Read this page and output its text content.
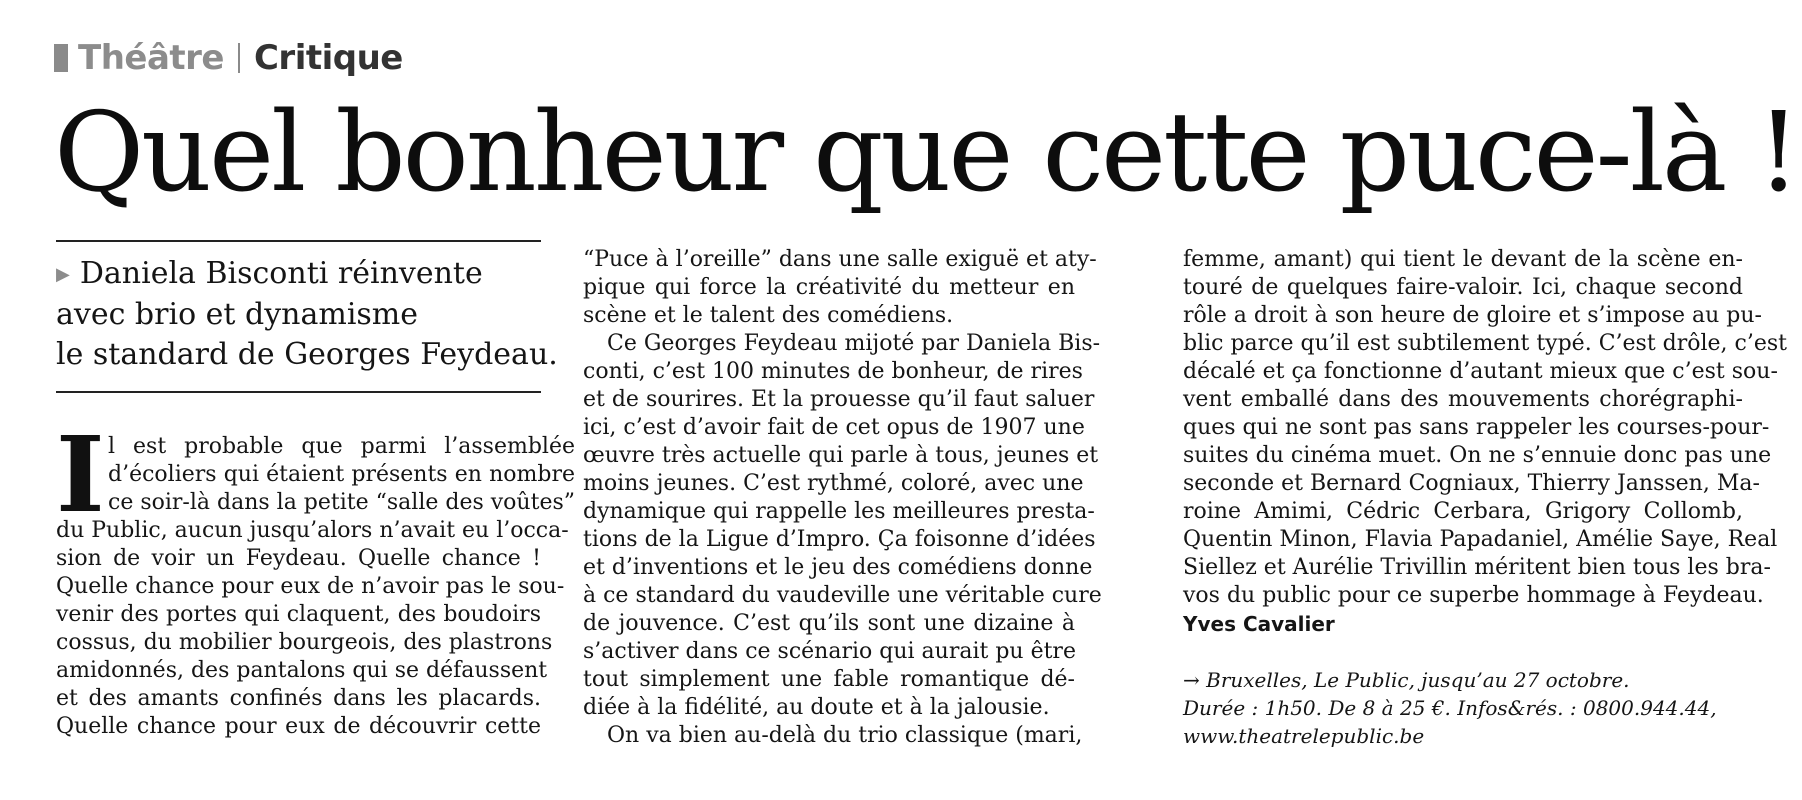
Théâtre Critique
Quel bonheur que cette puce-là !
▶ Daniela Bisconti réinvente
avec brio et dynamisme
le standard de Georges Feydeau.
I l est probable que parmi l’assemblée
d’écoliers qui étaient présents en nombre
ce soir-là dans la petite “salle des voûtes”
du Public, aucun jusqu’alors n’avait eu l’occa-
sion de voir un Feydeau. Quelle chance !
Quelle chance pour eux de n’avoir pas le sou-
venir des portes qui claquent, des boudoirs
cossus, du mobilier bourgeois, des plastrons
amidonnés, des pantalons qui se défaussent
et des amants confinés dans les placards.
Quelle chance pour eux de découvrir cette
“Puce à l’oreille” dans une salle exiguë et aty-
pique qui force la créativité du metteur en
scène et le talent des comédiens.
Ce Georges Feydeau mijoté par Daniela Bis-
conti, c’est 100 minutes de bonheur, de rires
et de sourires. Et la prouesse qu’il faut saluer
ici, c’est d’avoir fait de cet opus de 1907 une
œuvre très actuelle qui parle à tous, jeunes et
moins jeunes. C’est rythmé, coloré, avec une
dynamique qui rappelle les meilleures presta-
tions de la Ligue d’Impro. Ça foisonne d’idées
et d’inventions et le jeu des comédiens donne
à ce standard du vaudeville une véritable cure
de jouvence. C’est qu’ils sont une dizaine à
s’activer dans ce scénario qui aurait pu être
tout simplement une fable romantique dé-
diée à la fidélité, au doute et à la jalousie.
On va bien au-delà du trio classique (mari,
femme, amant) qui tient le devant de la scène en-
touré de quelques faire-valoir. Ici, chaque second
rôle a droit à son heure de gloire et s’impose au pu-
blic parce qu’il est subtilement typé. C’est drôle, c’est
décalé et ça fonctionne d’autant mieux que c’est sou-
vent emballé dans des mouvements chorégraphi-
ques qui ne sont pas sans rappeler les courses-pour-
suites du cinéma muet. On ne s’ennuie donc pas une
seconde et Bernard Cogniaux, Thierry Janssen, Ma-
roine Amimi, Cédric Cerbara, Grigory Collomb,
Quentin Minon, Flavia Papadaniel, Amélie Saye, Real
Siellez et Aurélie Trivillin méritent bien tous les bra-
vos du public pour ce superbe hommage à Feydeau.
Yves Cavalier
→ Bruxelles, Le Public, jusqu’au 27 octobre.
Durée : 1h50. De 8 à 25 €. Infos&rés. : 0800.944.44,
www.theatrelepublic.be
